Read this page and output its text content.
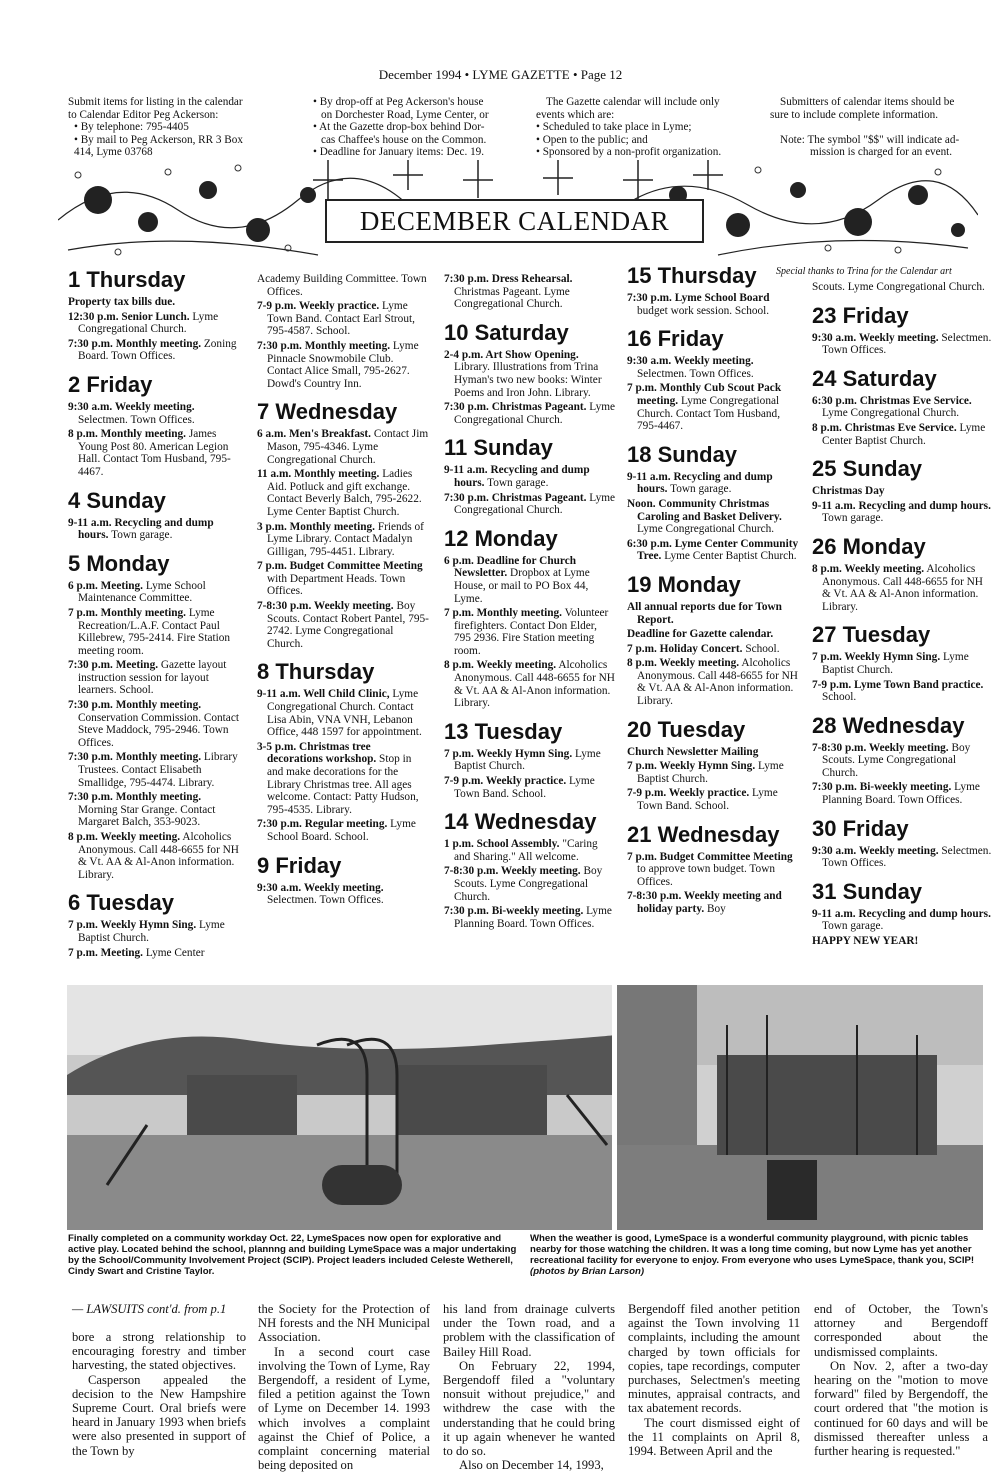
December 1994 • LYME GAZETTE • Page 12
Submit items for listing in the calendar
to Calendar Editor Peg Ackerson:
• By telephone: 795-4405
• By mail to Peg Ackerson, RR 3 Box
414, Lyme 03768
• By drop-off at Peg Ackerson's house
on Dorchester Road, Lyme Center, or
• At the Gazette drop-box behind Dor-
cas Chaffee's house on the Common.
• Deadline for January items: Dec. 19.
The Gazette calendar will include only
events which are:
• Scheduled to take place in Lyme;
• Open to the public; and
• Sponsored by a non-profit organization.
Submitters of calendar items should be
sure to include complete information.

Note: The symbol "$$" will indicate ad-
mission is charged for an event.
DECEMBER CALENDAR
Special thanks to Trina for the Calendar art
1 Thursday
Property tax bills due.
12:30 p.m. Senior Lunch. Lyme Congregational Church.
7:30 p.m. Monthly meeting. Zoning Board. Town Offices.
2 Friday
9:30 a.m. Weekly meeting. Selectmen. Town Offices.
8 p.m. Monthly meeting. James Young Post 80. American Legion Hall. Contact Tom Husband, 795-4467.
4 Sunday
9-11 a.m. Recycling and dump hours. Town garage.
5 Monday
6 p.m. Meeting. Lyme School Maintenance Committee.
7 p.m. Monthly meeting. Lyme Recreation/L.A.F. Contact Paul Killebrew, 795-2414. Fire Station meeting room.
7:30 p.m. Meeting. Gazette layout instruction session for layout learners. School.
7:30 p.m. Monthly meeting. Conservation Commission. Contact Steve Maddock, 795-2946. Town Offices.
7:30 p.m. Monthly meeting. Library Trustees. Contact Elisabeth Smallidge, 795-4474. Library.
7:30 p.m. Monthly meeting. Morning Star Grange. Contact Margaret Balch, 353-9023.
8 p.m. Weekly meeting. Alcoholics Anonymous. Call 448-6655 for NH & Vt. AA & Al-Anon information. Library.
6 Tuesday
7 p.m. Weekly Hymn Sing. Lyme Baptist Church.
7 p.m. Meeting. Lyme Center
Academy Building Committee. Town Offices.
7-9 p.m. Weekly practice. Lyme Town Band. Contact Earl Strout, 795-4587. School.
7:30 p.m. Monthly meeting. Lyme Pinnacle Snowmobile Club. Contact Alice Small, 795-2627. Dowd's Country Inn.
7 Wednesday
6 a.m. Men's Breakfast. Contact Jim Mason, 795-4346. Lyme Congregational Church.
11 a.m. Monthly meeting. Ladies Aid. Potluck and gift exchange. Contact Beverly Balch, 795-2622. Lyme Center Baptist Church.
3 p.m. Monthly meeting. Friends of Lyme Library. Contact Madalyn Gilligan, 795-4451. Library.
7 p.m. Budget Committee Meeting with Department Heads. Town Offices.
7-8:30 p.m. Weekly meeting. Boy Scouts. Contact Robert Pantel, 795-2742. Lyme Congregational Church.
8 Thursday
9-11 a.m. Well Child Clinic, Lyme Congregational Church. Contact Lisa Abin, VNA VNH, Lebanon Office, 448 1597 for appointment.
3-5 p.m. Christmas tree decorations workshop. Stop in and make decorations for the Library Christmas tree. All ages welcome. Contact: Patty Hudson, 795-4535. Library.
7:30 p.m. Regular meeting. Lyme School Board. School.
9 Friday
9:30 a.m. Weekly meeting. Selectmen. Town Offices.
7:30 p.m. Dress Rehearsal. Christmas Pageant. Lyme Congregational Church.
10 Saturday
2-4 p.m. Art Show Opening. Library. Illustrations from Trina Hyman's two new books: Winter Poems and Iron John. Library.
7:30 p.m. Christmas Pageant. Lyme Congregational Church.
11 Sunday
9-11 a.m. Recycling and dump hours. Town garage.
7:30 p.m. Christmas Pageant. Lyme Congregational Church.
12 Monday
6 p.m. Deadline for Church Newsletter. Dropbox at Lyme House, or mail to PO Box 44, Lyme.
7 p.m. Monthly meeting. Volunteer firefighters. Contact Don Elder, 795 2936. Fire Station meeting room.
8 p.m. Weekly meeting. Alcoholics Anonymous. Call 448-6655 for NH & Vt. AA & Al-Anon information. Library.
13 Tuesday
7 p.m. Weekly Hymn Sing. Lyme Baptist Church.
7-9 p.m. Weekly practice. Lyme Town Band. School.
14 Wednesday
1 p.m. School Assembly. "Caring and Sharing." All welcome.
7-8:30 p.m. Weekly meeting. Boy Scouts. Lyme Congregational Church.
7:30 p.m. Bi-weekly meeting. Lyme Planning Board. Town Offices.
15 Thursday
7:30 p.m. Lyme School Board budget work session. School.
16 Friday
9:30 a.m. Weekly meeting. Selectmen. Town Offices.
7 p.m. Monthly Cub Scout Pack meeting. Lyme Congregational Church. Contact Tom Husband, 795-4467.
18 Sunday
9-11 a.m. Recycling and dump hours. Town garage.
Noon. Community Christmas Caroling and Basket Delivery. Lyme Congregational Church.
6:30 p.m. Lyme Center Community Tree. Lyme Center Baptist Church.
19 Monday
All annual reports due for Town Report.
Deadline for Gazette calendar.
7 p.m. Holiday Concert. School.
8 p.m. Weekly meeting. Alcoholics Anonymous. Call 448-6655 for NH & Vt. AA & Al-Anon information. Library.
20 Tuesday
Church Newsletter Mailing
7 p.m. Weekly Hymn Sing. Lyme Baptist Church.
7-9 p.m. Weekly practice. Lyme Town Band. School.
21 Wednesday
7 p.m. Budget Committee Meeting to approve town budget. Town Offices.
7-8:30 p.m. Weekly meeting and holiday party. Boy
Scouts. Lyme Congregational Church.
23 Friday
9:30 a.m. Weekly meeting. Selectmen. Town Offices.
24 Saturday
6:30 p.m. Christmas Eve Service. Lyme Congregational Church.
8 p.m. Christmas Eve Service. Lyme Center Baptist Church.
25 Sunday
Christmas Day
9-11 a.m. Recycling and dump hours. Town garage.
26 Monday
8 p.m. Weekly meeting. Alcoholics Anonymous. Call 448-6655 for NH & Vt. AA & Al-Anon information. Library.
27 Tuesday
7 p.m. Weekly Hymn Sing. Lyme Baptist Church.
7-9 p.m. Lyme Town Band practice. School.
28 Wednesday
7-8:30 p.m. Weekly meeting. Boy Scouts. Lyme Congregational Church.
7:30 p.m. Bi-weekly meeting. Lyme Planning Board. Town Offices.
30 Friday
9:30 a.m. Weekly meeting. Selectmen. Town Offices.
31 Sunday
9-11 a.m. Recycling and dump hours. Town garage.
HAPPY NEW YEAR!
Finally completed on a community workday Oct. 22, LymeSpaces now open for explorative and active play. Located behind the school, plannng and building LymeSpace was a major undertaking by the School/Community Involvement Project (SCIP). Project leaders included Celeste Wetherell, Cindy Swart and Cristine Taylor.
When the weather is good, LymeSpace is a wonderful community playground, with picnic tables nearby for those watching the children. It was a long time coming, but now Lyme has yet another recreational facility for everyone to enjoy. From everyone who uses LymeSpace, thank you, SCIP! (photos by Brian Larson)
— LAWSUITS cont'd. from p.1

bore a strong relationship to encouraging forestry and timber harvesting, the stated objectives.

Casperson appealed the decision to the New Hampshire Supreme Court. Oral briefs were heard in January 1993 when briefs were also presented in support of the Town by

the Society for the Protection of NH forests and the NH Municipal Association.

In a second court case involving the Town of Lyme, Ray Bergendoff, a resident of Lyme, filed a petition against the Town of Lyme on December 14. 1993 which involves a complaint against the Chief of Police, a complaint concerning material being deposited on

his land from drainage culverts under the Town road, and a problem with the classification of Bailey Hill Road.

On February 22, 1994, Bergendoff filed a "voluntary nonsuit without prejudice," and withdrew the case with the understanding that he could bring it up again whenever he wanted to do so.

Also on December 14, 1993,

Bergendoff filed another petition against the Town involving 11 complaints, including the amount charged by town officials for copies, tape recordings, computer purchases, Selectmen's meeting minutes, appraisal contracts, and tax abatement records.

The court dismissed eight of the 11 complaints on April 8, 1994. Between April and the

end of October, the Town's attorney and Bergendoff corresponded about the undismissed complaints.

On Nov. 2, after a two-day hearing on the "motion to move forward" filed by Bergendoff, the court ordered that "the motion is continued for 60 days and will be dismissed thereafter unless a further hearing is requested."
